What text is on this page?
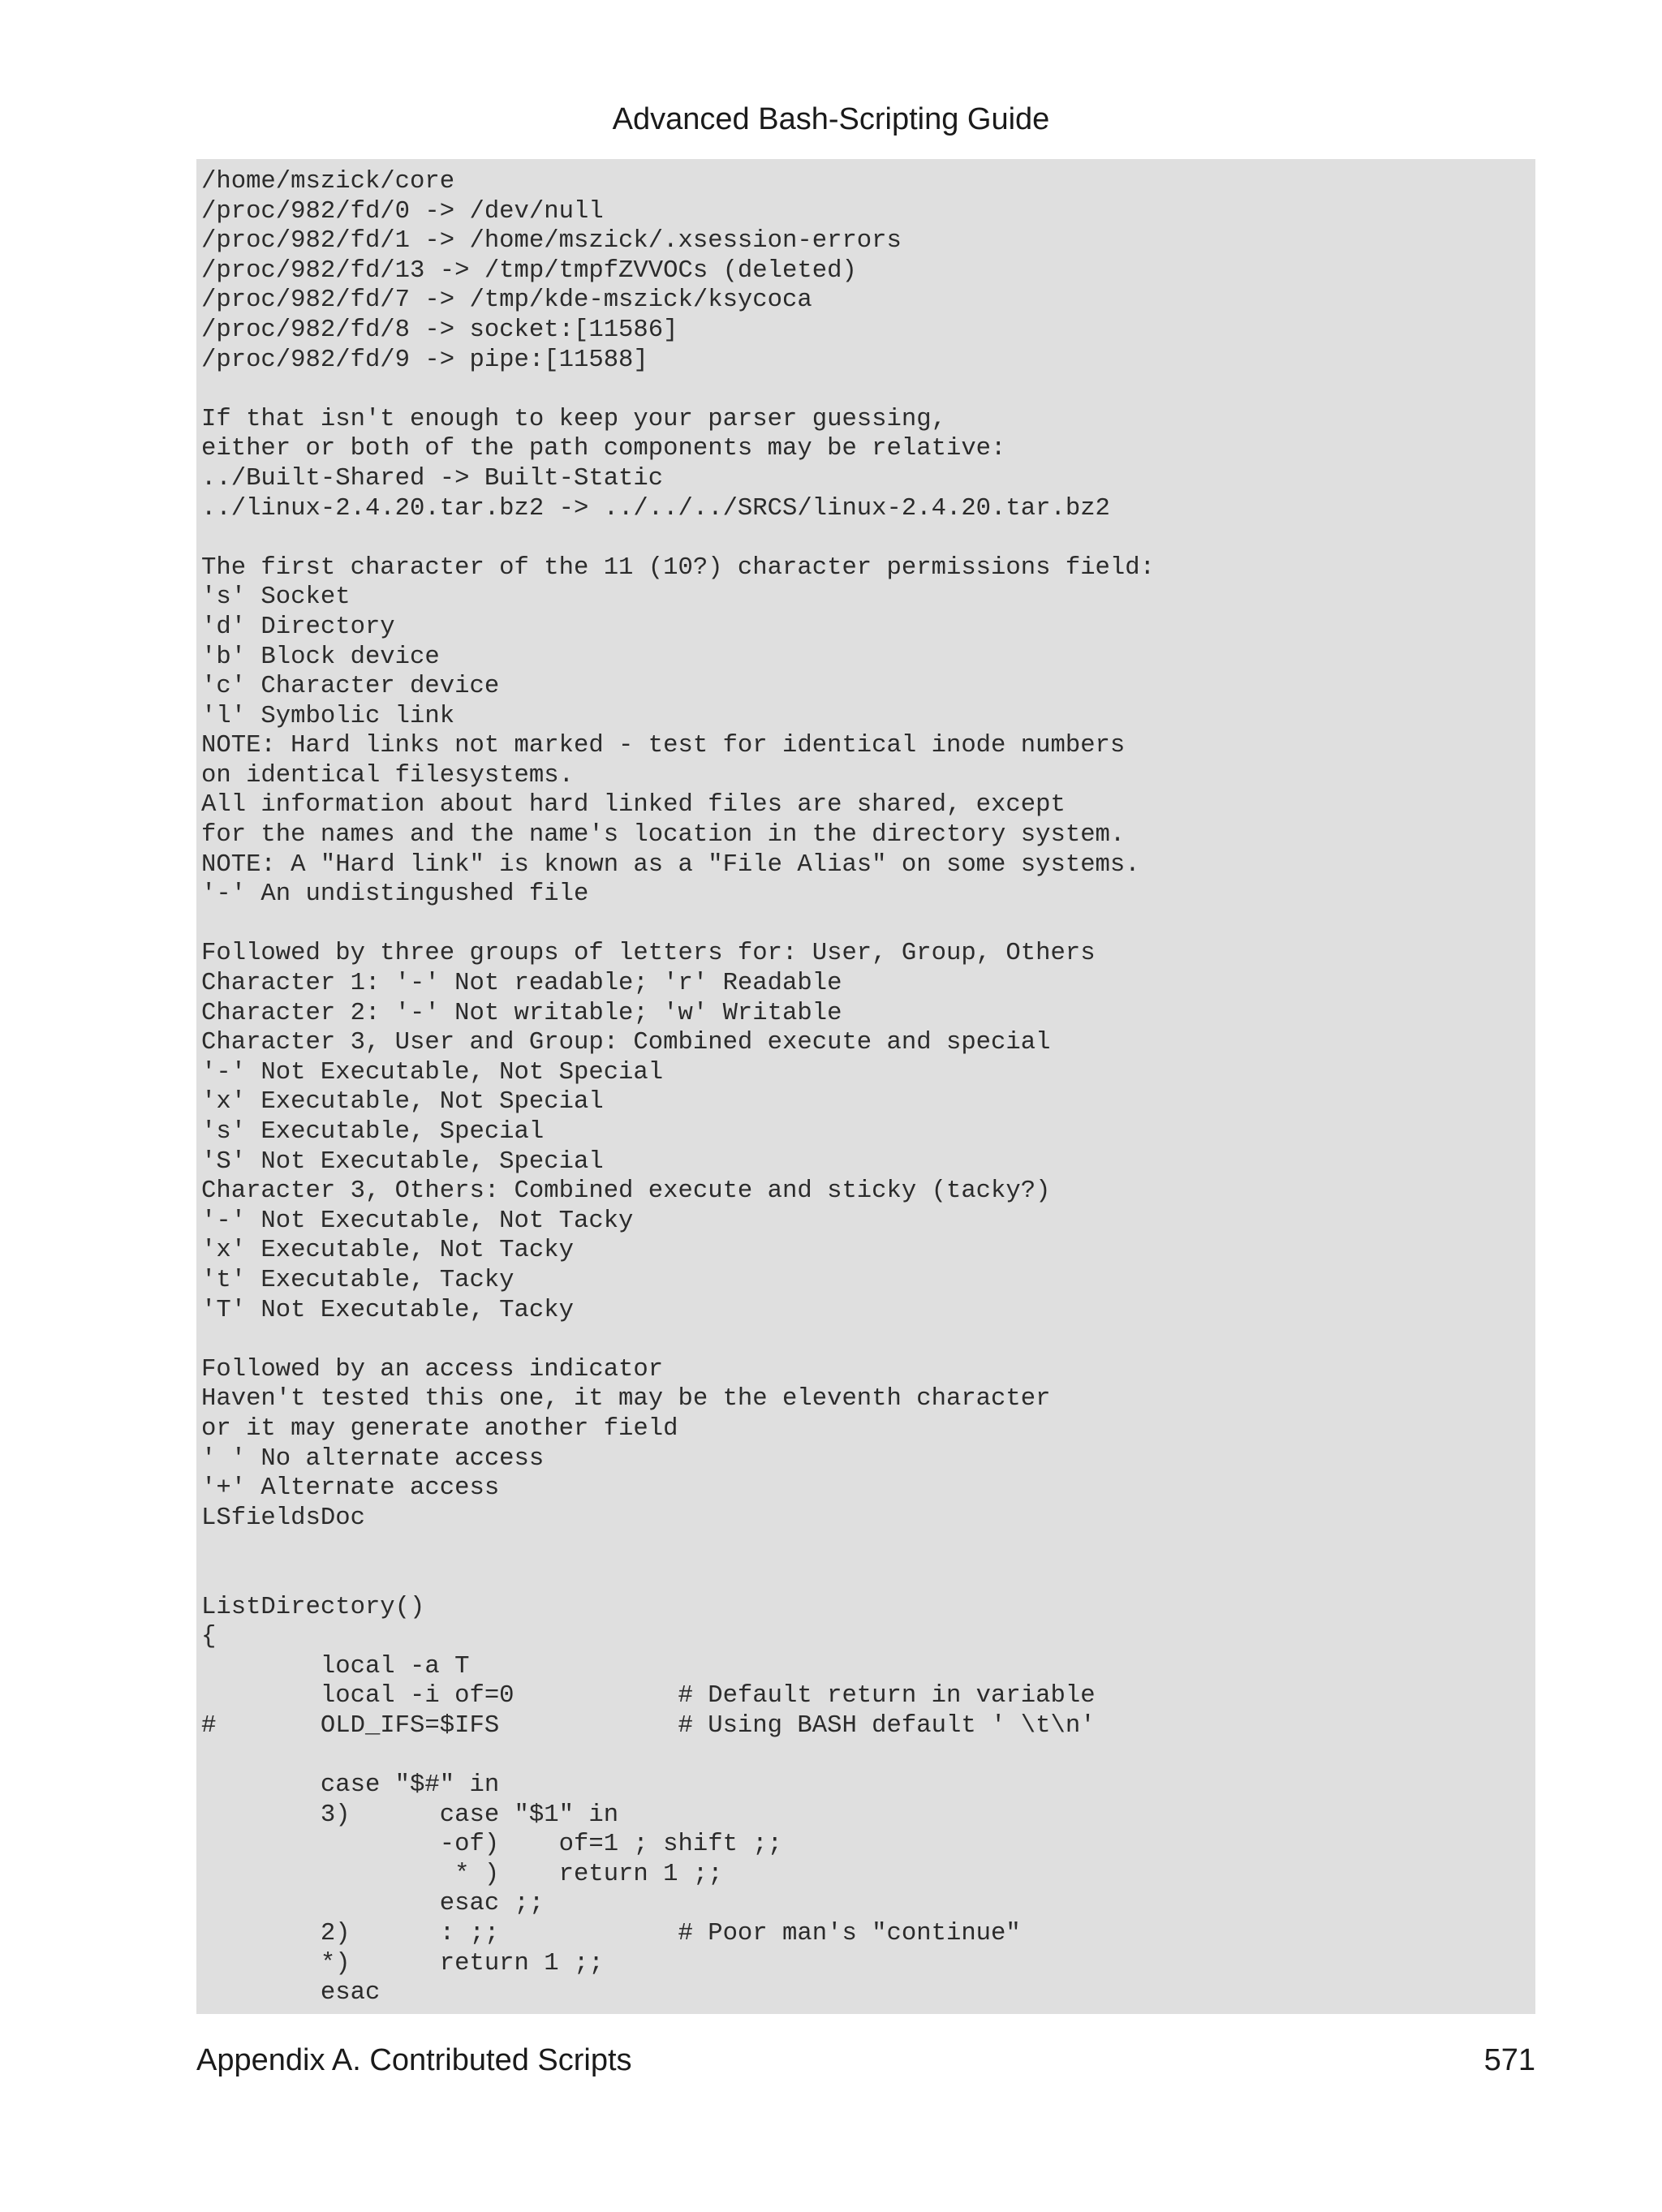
Advanced Bash-Scripting Guide
/home/mszick/core
/proc/982/fd/0 -> /dev/null
/proc/982/fd/1 -> /home/mszick/.xsession-errors
/proc/982/fd/13 -> /tmp/tmpfZVVOCs (deleted)
/proc/982/fd/7 -> /tmp/kde-mszick/ksycoca
/proc/982/fd/8 -> socket:[11586]
/proc/982/fd/9 -> pipe:[11588]
If that isn't enough to keep your parser guessing,
either or both of the path components may be relative:
../Built-Shared -> Built-Static
../linux-2.4.20.tar.bz2 -> ../../../SRCS/linux-2.4.20.tar.bz2
The first character of the 11 (10?) character permissions field:
's' Socket
'd' Directory
'b' Block device
'c' Character device
'l' Symbolic link
NOTE: Hard links not marked - test for identical inode numbers
on identical filesystems.
All information about hard linked files are shared, except
for the names and the name's location in the directory system.
NOTE: A "Hard link" is known as a "File Alias" on some systems.
'-' An undistingushed file
Followed by three groups of letters for: User, Group, Others
Character 1: '-' Not readable; 'r' Readable
Character 2: '-' Not writable; 'w' Writable
Character 3, User and Group: Combined execute and special
'-' Not Executable, Not Special
'x' Executable, Not Special
's' Executable, Special
'S' Not Executable, Special
Character 3, Others: Combined execute and sticky (tacky?)
'-' Not Executable, Not Tacky
'x' Executable, Not Tacky
't' Executable, Tacky
'T' Not Executable, Tacky
Followed by an access indicator
Haven't tested this one, it may be the eleventh character
or it may generate another field
' ' No alternate access
'+' Alternate access
LSfieldsDoc
ListDirectory()
{
local -a T
local -i of=0           # Default return in variable
#       OLD_IFS=$IFS            # Using BASH default ' \t\n'
case "$#" in
3)      case "$1" in
-of)    of=1 ; shift ;;
* )    return 1 ;;
esac ;;
2)      : ;;            # Poor man's "continue"
*)      return 1 ;;
esac
Appendix A. Contributed Scripts	571
